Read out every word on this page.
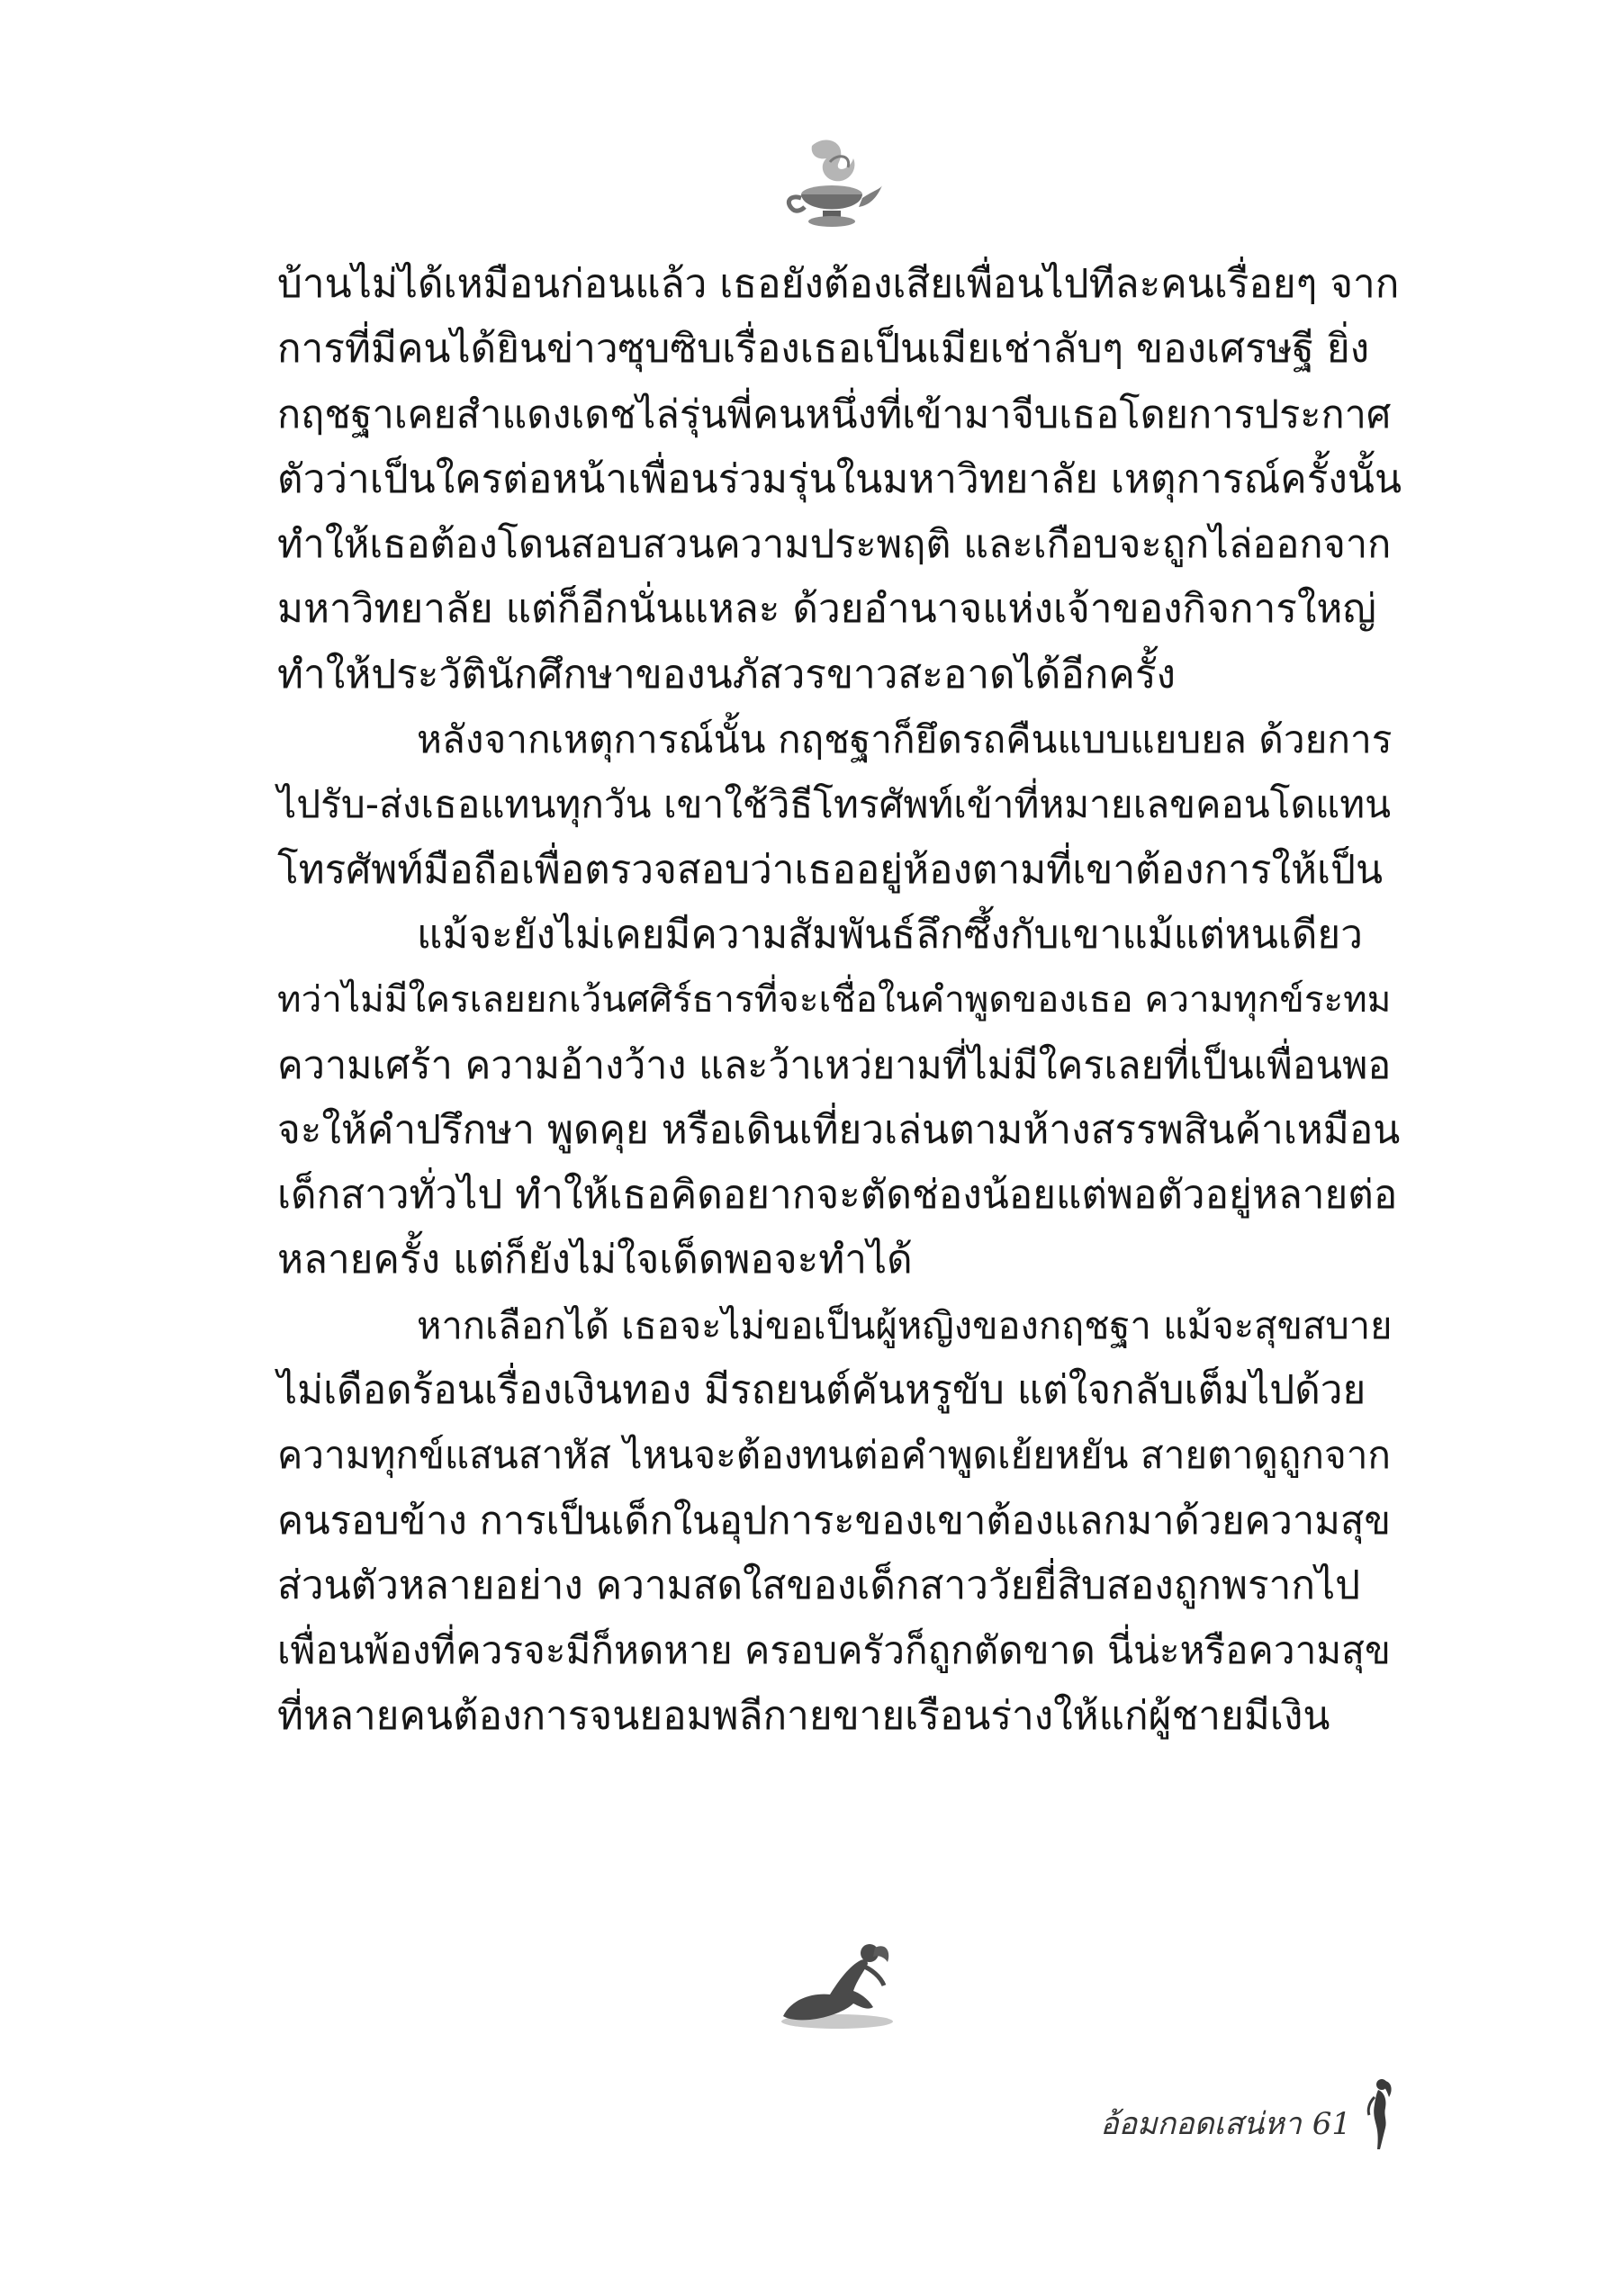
บ้านไม่ได้เหมือนก่อนแล้ว เธอยังต้องเสียเพื่อนไปทีละคนเรื่อยๆ จาก

การที่มีคนได้ยินข่าวซุบซิบเรื่องเธอเป็นเมียเช่าลับๆ ของเศรษฐี ยิ่ง

กฤชฐาเคยสำแดงเดชไล่รุ่นพี่คนหนึ่งที่เข้ามาจีบเธอโดยการประกาศ

ตัวว่าเป็นใครต่อหน้าเพื่อนร่วมรุ่นในมหาวิทยาลัย เหตุการณ์ครั้งนั้น

ทำให้เธอต้องโดนสอบสวนความประพฤติ และเกือบจะถูกไล่ออกจาก

มหาวิทยาลัย แต่ก็อีกนั่นแหละ ด้วยอำนาจแห่งเจ้าของกิจการใหญ่

ทำให้ประวัตินักศึกษาของนภัสวรขาวสะอาดได้อีกครั้ง

หลังจากเหตุการณ์นั้น กฤชฐาก็ยึดรถคืนแบบแยบยล ด้วยการ

ไปรับ-ส่งเธอแทนทุกวัน เขาใช้วิธีโทรศัพท์เข้าที่หมายเลขคอนโดแทน

โทรศัพท์มือถือเพื่อตรวจสอบว่าเธออยู่ห้องตามที่เขาต้องการให้เป็น

แม้จะยังไม่เคยมีความสัมพันธ์ลึกซึ้งกับเขาแม้แต่หนเดียว

ทว่าไม่มีใครเลยยกเว้นศศิร์ธารที่จะเชื่อในคำพูดของเธอ ความทุกข์ระทม

ความเศร้า ความอ้างว้าง และว้าเหว่ยามที่ไม่มีใครเลยที่เป็นเพื่อนพอ

จะให้คำปรึกษา พูดคุย หรือเดินเที่ยวเล่นตามห้างสรรพสินค้าเหมือน

เด็กสาวทั่วไป ทำให้เธอคิดอยากจะตัดช่องน้อยแต่พอตัวอยู่หลายต่อ

หลายครั้ง แต่ก็ยังไม่ใจเด็ดพอจะทำได้

หากเลือกได้ เธอจะไม่ขอเป็นผู้หญิงของกฤชฐา แม้จะสุขสบาย

ไม่เดือดร้อนเรื่องเงินทอง มีรถยนต์คันหรูขับ แต่ใจกลับเต็มไปด้วย

ความทุกข์แสนสาหัส ไหนจะต้องทนต่อคำพูดเย้ยหยัน สายตาดูถูกจาก

คนรอบข้าง การเป็นเด็กในอุปการะของเขาต้องแลกมาด้วยความสุข

ส่วนตัวหลายอย่าง ความสดใสของเด็กสาววัยยี่สิบสองถูกพรากไป

เพื่อนพ้องที่ควรจะมีก็หดหาย ครอบครัวก็ถูกตัดขาด นี่น่ะหรือความสุข

ที่หลายคนต้องการจนยอมพลีกายขายเรือนร่างให้แก่ผู้ชายมีเงิน

อ้อมกอดเสน่หา 61
